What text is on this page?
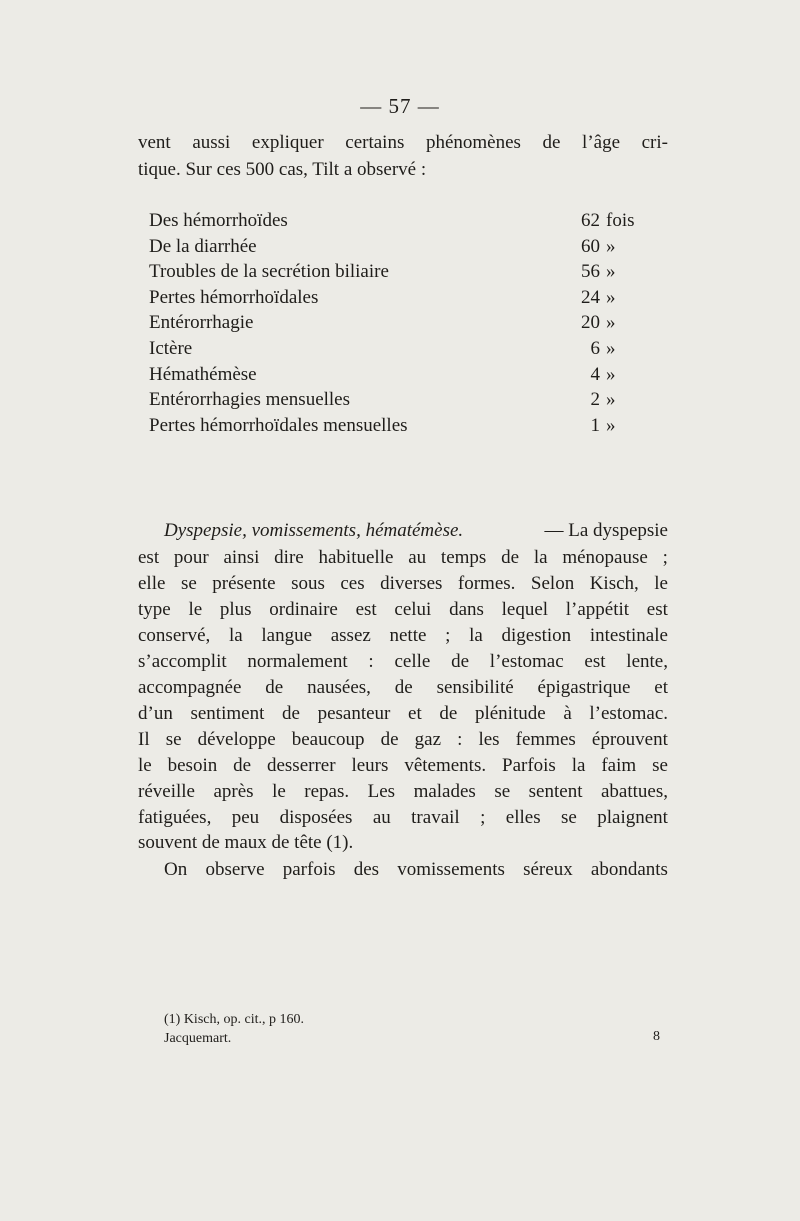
— 57 —
vent aussi expliquer certains phénomènes de l’âge cri-
tique. Sur ces 500 cas, Tilt a observé :
Des hémorrhoïdes	62 fois
De la diarrhée	60 »
Troubles de la secrétion biliaire	56 »
Pertes hémorrhoïdales	24 »
Entérorrhagie	20 »
Ictère	6 »
Hémathémèse	4 »
Entérorrhagies mensuelles	2 »
Pertes hémorrhoïdales mensuelles	1 »
Dyspepsie, vomissements, hématémèse.	— La dyspepsie
est pour ainsi dire habituelle au temps de la ménopause ;
elle se présente sous ces diverses formes. Selon Kisch, le
type le plus ordinaire est celui dans lequel l’appétit est
conservé, la langue assez nette ; la digestion intestinale
s’accomplit normalement : celle de l’estomac est lente,
accompagnée de nausées, de sensibilité épigastrique et
d’un sentiment de pesanteur et de plénitude à l’estomac.
Il se développe beaucoup de gaz : les femmes éprouvent
le besoin de desserrer leurs vêtements. Parfois la faim se
réveille après le repas. Les malades se sentent abattues,
fatiguées, peu disposées au travail ; elles se plaignent
souvent de maux de tête (1).
On observe parfois des vomissements séreux abondants
(1) Kisch, op. cit., p 160.
Jacquemart.	8
